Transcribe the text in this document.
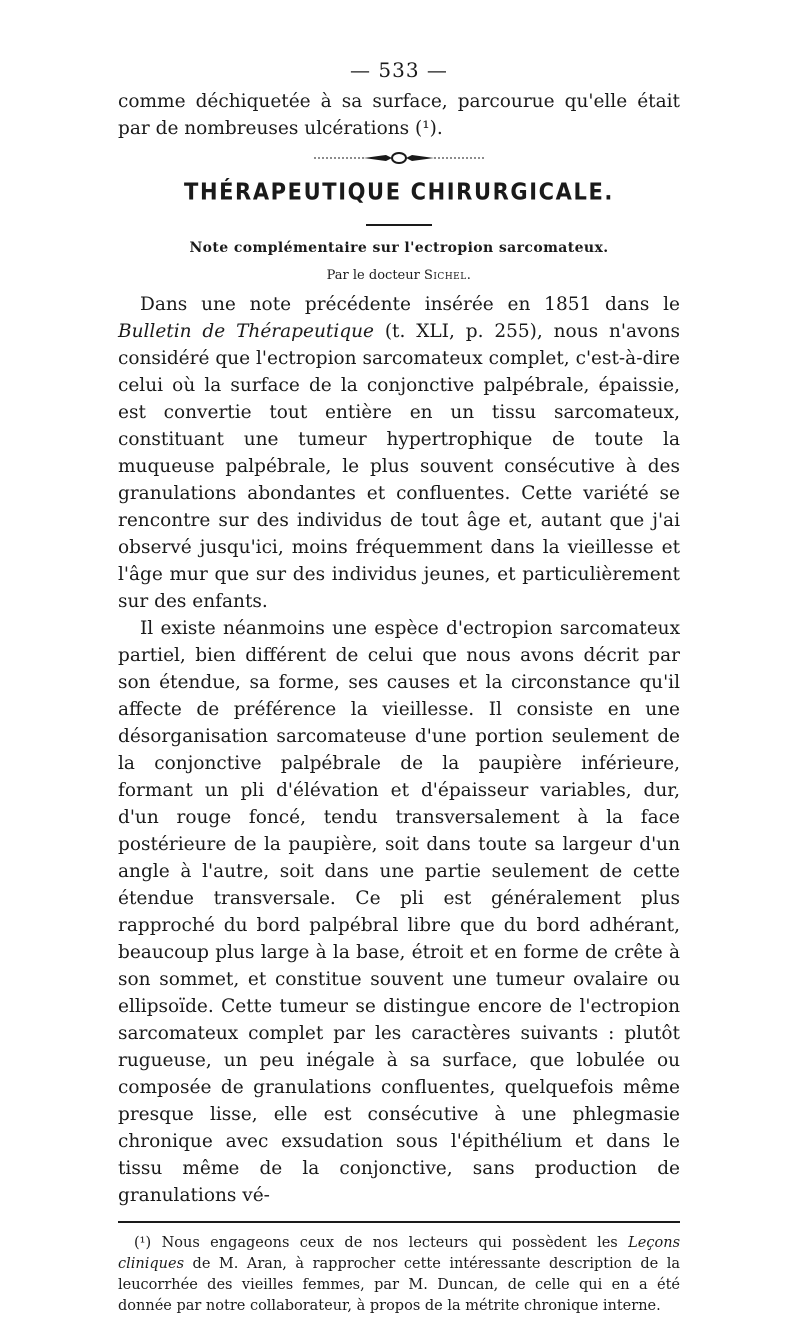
— 533 —

comme déchiquetée à sa surface, parcourue qu'elle était par de nombreuses ulcérations (¹).

THÉRAPEUTIQUE CHIRURGICALE.
Note complémentaire sur l'ectropion sarcomateux.
Par le docteur Sichel.

Dans une note précédente insérée en 1851 dans le Bulletin de Thérapeutique (t. XLI, p. 255), nous n'avons considéré que l'ectropion sarcomateux complet, c'est-à-dire celui où la surface de la conjonctive palpébrale, épaissie, est convertie tout entière en un tissu sarcomateux, constituant une tumeur hypertrophique de toute la muqueuse palpébrale, le plus souvent consécutive à des granulations abondantes et confluentes. Cette variété se rencontre sur des individus de tout âge et, autant que j'ai observé jusqu'ici, moins fréquemment dans la vieillesse et l'âge mur que sur des individus jeunes, et particulièrement sur des enfants.

Il existe néanmoins une espèce d'ectropion sarcomateux partiel, bien différent de celui que nous avons décrit par son étendue, sa forme, ses causes et la circonstance qu'il affecte de préférence la vieillesse. Il consiste en une désorganisation sarcomateuse d'une portion seulement de la conjonctive palpébrale de la paupière inférieure, formant un pli d'élévation et d'épaisseur variables, dur, d'un rouge foncé, tendu transversalement à la face postérieure de la paupière, soit dans toute sa largeur d'un angle à l'autre, soit dans une partie seulement de cette étendue transversale. Ce pli est généralement plus rapproché du bord palpébral libre que du bord adhérant, beaucoup plus large à la base, étroit et en forme de crête à son sommet, et constitue souvent une tumeur ovalaire ou ellipsoïde. Cette tumeur se distingue encore de l'ectropion sarcomateux complet par les caractères suivants : plutôt rugueuse, un peu inégale à sa surface, que lobulée ou composée de granulations confluentes, quelquefois même presque lisse, elle est consécutive à une phlegmasie chronique avec exsudation sous l'épithélium et dans le tissu même de la conjonctive, sans production de granulations vé-

(¹) Nous engageons ceux de nos lecteurs qui possèdent les Leçons cliniques de M. Aran, à rapprocher cette intéressante description de la leucorrhée des vieilles femmes, par M. Duncan, de celle qui en a été donnée par notre collaborateur, à propos de la métrite chronique interne.
